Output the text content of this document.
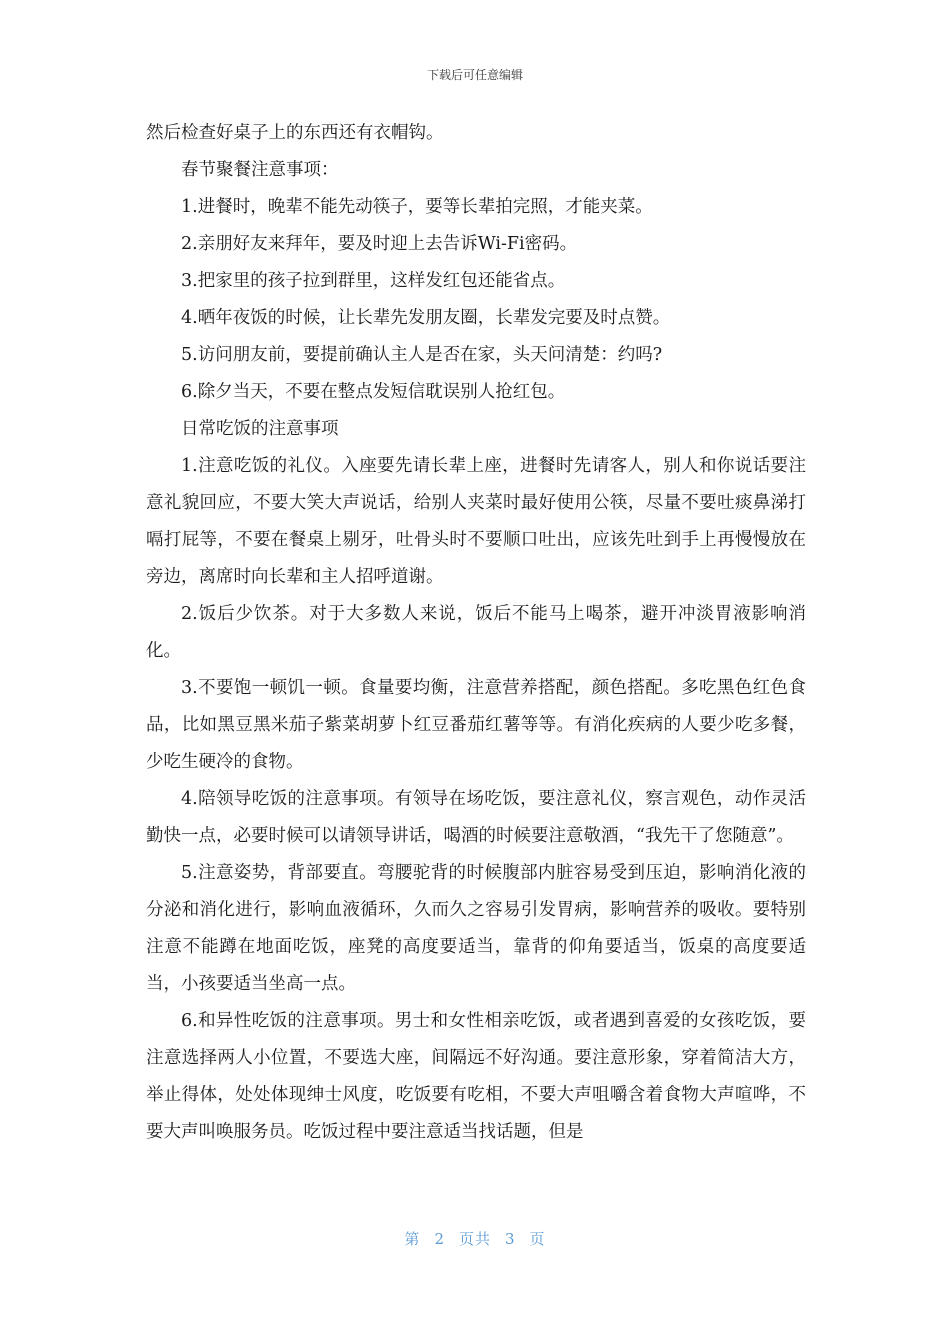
下载后可任意编辑

然后检查好桌子上的东西还有衣帽钩。

春节聚餐注意事项：

1.进餐时，晚辈不能先动筷子，要等长辈拍完照，才能夹菜。

2.亲朋好友来拜年，要及时迎上去告诉Wi-Fi密码。

3.把家里的孩子拉到群里，这样发红包还能省点。

4.晒年夜饭的时候，让长辈先发朋友圈，长辈发完要及时点赞。

5.访问朋友前，要提前确认主人是否在家，头天问清楚：约吗?

6.除夕当天，不要在整点发短信耽误别人抢红包。

日常吃饭的注意事项

1.注意吃饭的礼仪。入座要先请长辈上座，进餐时先请客人，别人和你说话要注意礼貌回应，不要大笑大声说话，给别人夹菜时最好使用公筷，尽量不要吐痰鼻涕打嗝打屁等，不要在餐桌上剔牙，吐骨头时不要顺口吐出，应该先吐到手上再慢慢放在旁边，离席时向长辈和主人招呼道谢。

2.饭后少饮茶。对于大多数人来说，饭后不能马上喝茶，避开冲淡胃液影响消化。

3.不要饱一顿饥一顿。食量要均衡，注意营养搭配，颜色搭配。多吃黑色红色食品，比如黑豆黑米茄子紫菜胡萝卜红豆番茄红薯等等。有消化疾病的人要少吃多餐，少吃生硬冷的食物。

4.陪领导吃饭的注意事项。有领导在场吃饭，要注意礼仪，察言观色，动作灵活勤快一点，必要时候可以请领导讲话，喝酒的时候要注意敬酒，“我先干了您随意”。

5.注意姿势，背部要直。弯腰驼背的时候腹部内脏容易受到压迫，影响消化液的分泌和消化进行，影响血液循环，久而久之容易引发胃病，影响营养的吸收。要特别注意不能蹲在地面吃饭，座凳的高度要适当，靠背的仰角要适当，饭桌的高度要适当，小孩要适当坐高一点。

6.和异性吃饭的注意事项。男士和女性相亲吃饭，或者遇到喜爱的女孩吃饭，要注意选择两人小位置，不要选大座，间隔远不好沟通。要注意形象，穿着简洁大方，举止得体，处处体现绅士风度，吃饭要有吃相，不要大声咀嚼含着食物大声喧哗，不要大声叫唤服务员。吃饭过程中要注意适当找话题，但是

第 2 页共 3 页
